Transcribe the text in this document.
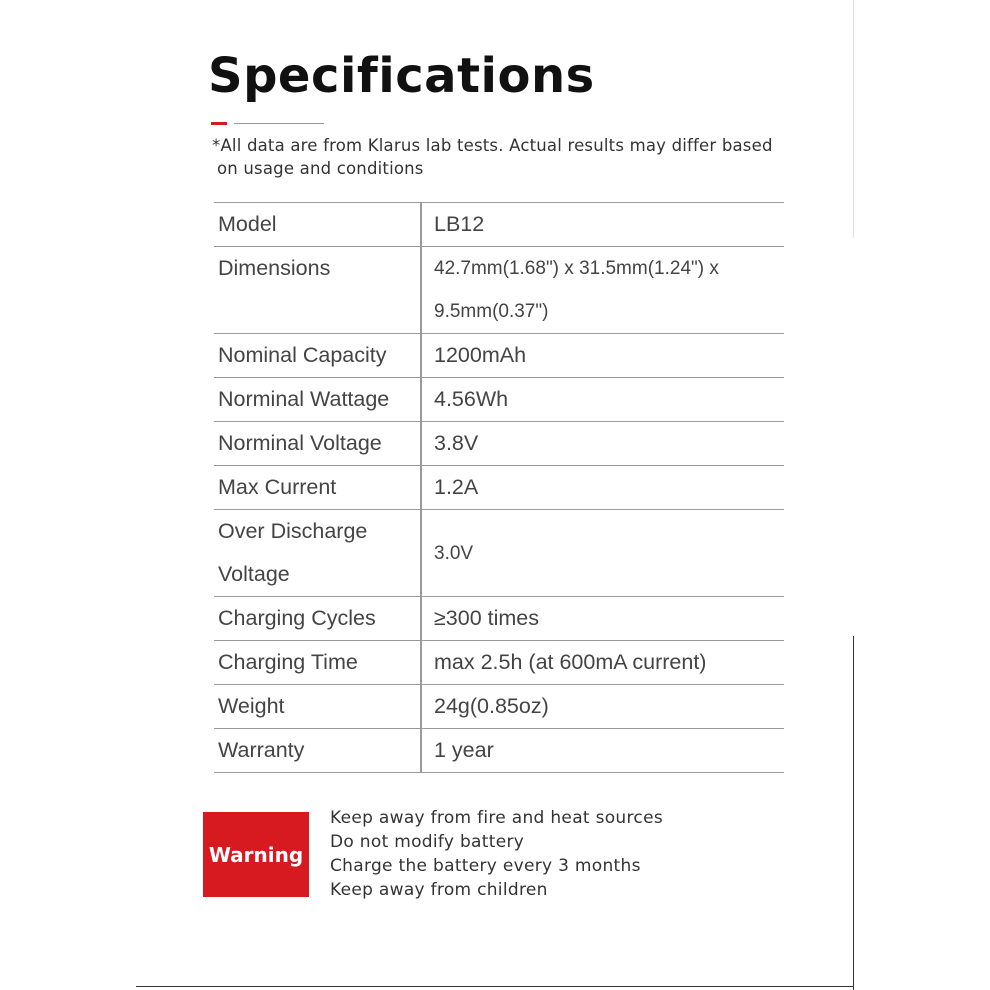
Specifications
*All data are from Klarus lab tests. Actual results may differ based
on usage and conditions
Model	LB12
Dimensions	42.7mm(1.68") x 31.5mm(1.24") x
9.5mm(0.37")

Nominal Capacity	1200mAh
Norminal Wattage	4.56Wh
Norminal Voltage	3.8V
Max Current	1.2A

Over Discharge
Voltage	3.0V
Charging Cycles	≥300 times
Charging Time	max 2.5h (at 600mA current)
Weight	24g(0.85oz)
Warranty	1 year
Warning
Keep away from fire and heat sources
Do not modify battery
Charge the battery every 3 months
Keep away from children
